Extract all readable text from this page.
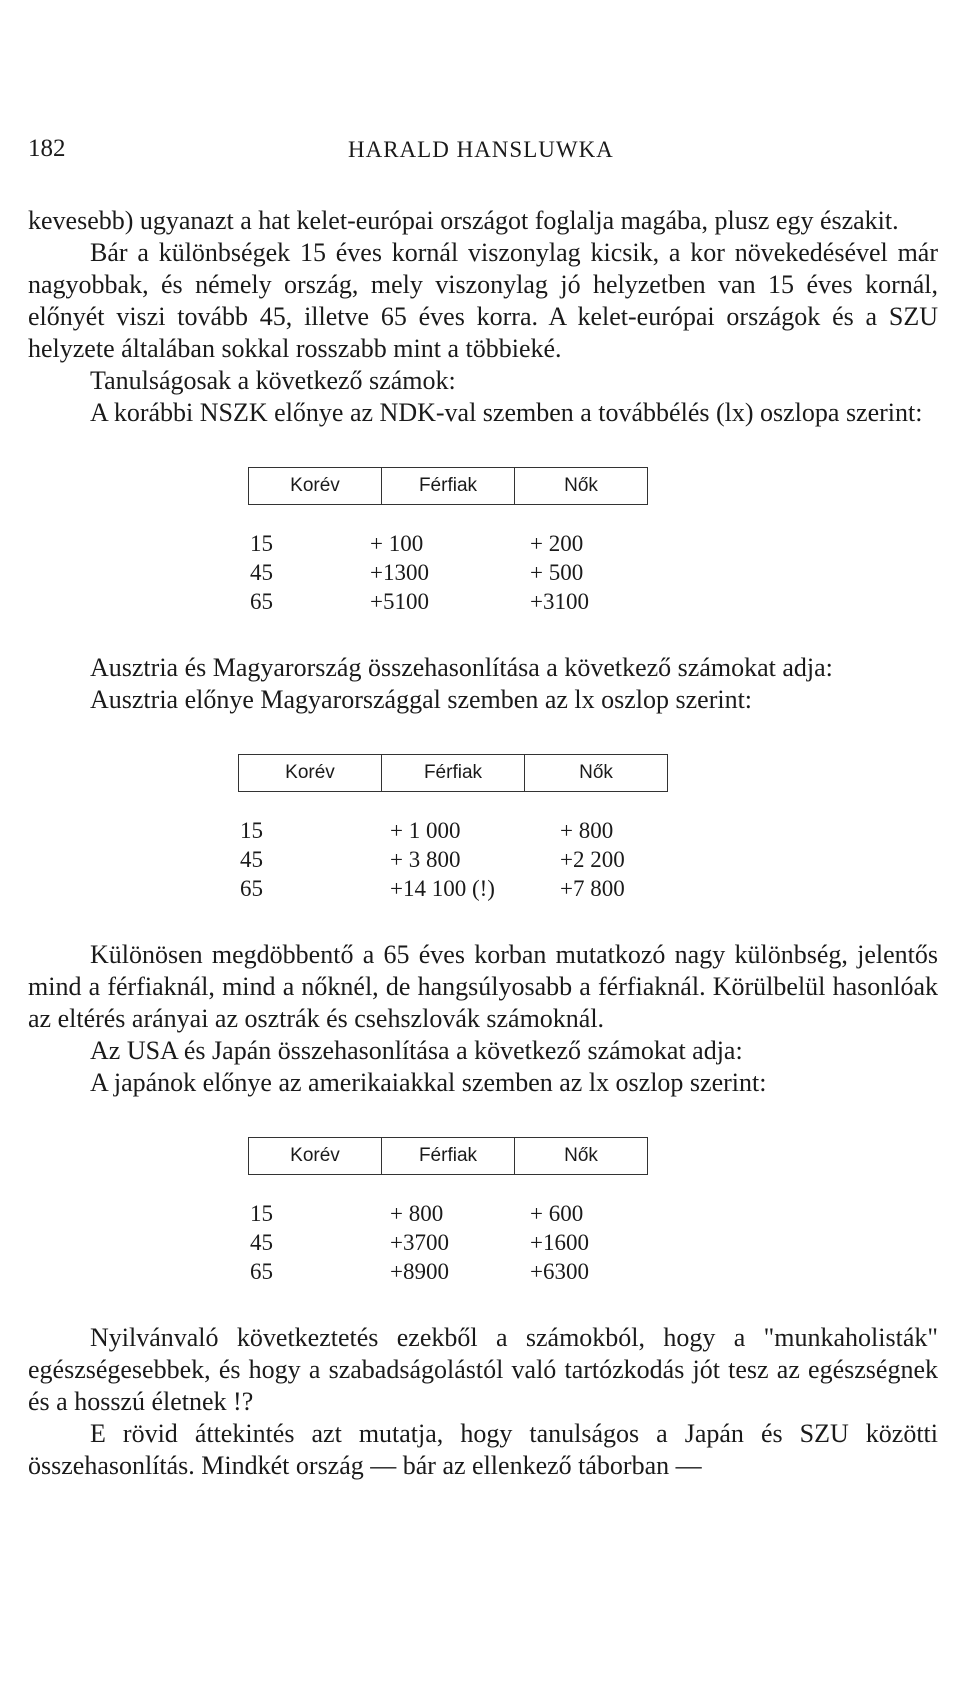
182	HARALD HANSLUWKA

kevesebb) ugyanazt a hat kelet-európai országot foglalja magába, plusz egy északit.

Bár a különbségek 15 éves kornál viszonylag kicsik, a kor növekedésével már nagyobbak, és némely ország, mely viszonylag jó helyzetben van 15 éves kornál, előnyét viszi tovább 45, illetve 65 éves korra. A kelet-európai országok és a SZU helyzete általában sokkal rosszabb mint a többieké.

Tanulságosak a következő számok:

A korábbi NSZK előnye az NDK-val szemben a továbbélés (lx) oszlopa szerint:

Korév	Férfiak	Nők
15	+ 100	+ 200
45	+1300	+ 500
65	+5100	+3100

Ausztria és Magyarország összehasonlítása a következő számokat adja:

Ausztria előnye Magyarországgal szemben az lx oszlop szerint:

Korév	Férfiak	Nők
15	+ 1 000	+ 800
45	+ 3 800	+2 200
65	+14 100 (!)	+7 800

Különösen megdöbbentő a 65 éves korban mutatkozó nagy különbség, jelentős mind a férfiaknál, mind a nőknél, de hangsúlyosabb a férfiaknál. Körülbelül hasonlóak az eltérés arányai az osztrák és csehszlovák számoknál.

Az USA és Japán összehasonlítása a következő számokat adja:

A japánok előnye az amerikaiakkal szemben az lx oszlop szerint:

Korév	Férfiak	Nők
15	+ 800	+ 600
45	+3700	+1600
65	+8900	+6300

Nyilvánvaló következtetés ezekből a számokból, hogy a "munkaholisták" egészségesebbek, és hogy a szabadságolástól való tartózkodás jót tesz az egészségnek és a hosszú életnek !?

E rövid áttekintés azt mutatja, hogy tanulságos a Japán és SZU közötti összehasonlítás. Mindkét ország — bár az ellenkező táborban —
